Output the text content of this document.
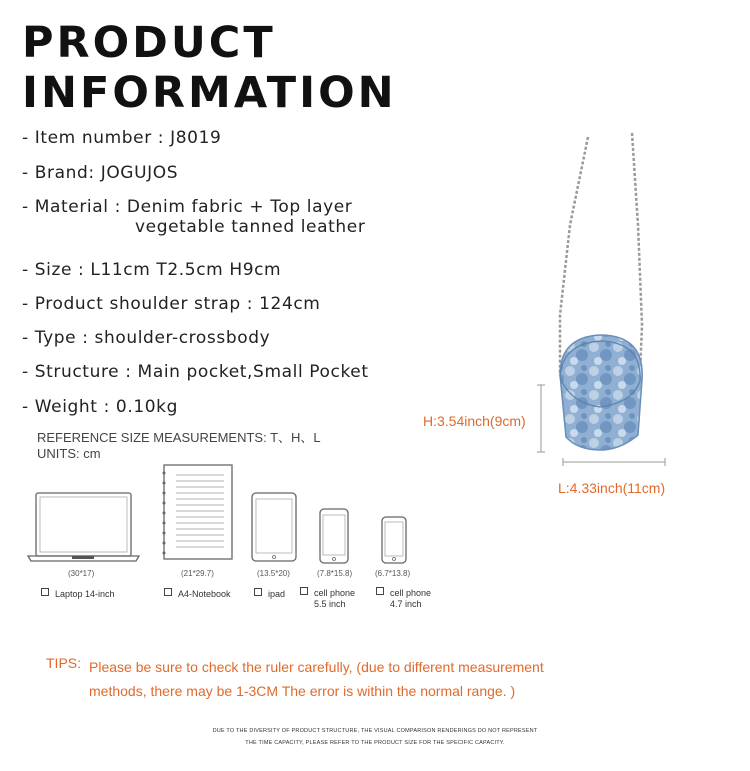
PRODUCT
INFORMATION
- Item number : J8019
- Brand: JOGUJOS
- Material : Denim fabric + Top layer
vegetable tanned leather
- Size : L11cm T2.5cm H9cm
- Product shoulder strap : 124cm
- Type : shoulder-crossbody
- Structure : Main pocket,Small Pocket
- Weight : 0.10kg
REFERENCE SIZE MEASUREMENTS: T、H、L
UNITS: cm
H:3.54inch(9cm)
L:4.33inch(11cm)
(30*17)
Laptop 14-inch
(21*29.7)
A4-Notebook
(13.5*20)
ipad
(7.8*15.8)
cell phone
5.5 inch
(6.7*13.8)
cell phone
4.7 inch
TIPS: Please be sure to check the ruler carefully, (due to different measurement
methods, there may be 1-3CM The error is within the normal range. )
DUE TO THE DIVERSITY OF PRODUCT STRUCTURE, THE VISUAL COMPARISON RENDERINGS DO NOT REPRESENT
THE TIME CAPACITY, PLEASE REFER TO THE PRODUCT SIZE FOR THE SPECIFIC CAPACITY.
